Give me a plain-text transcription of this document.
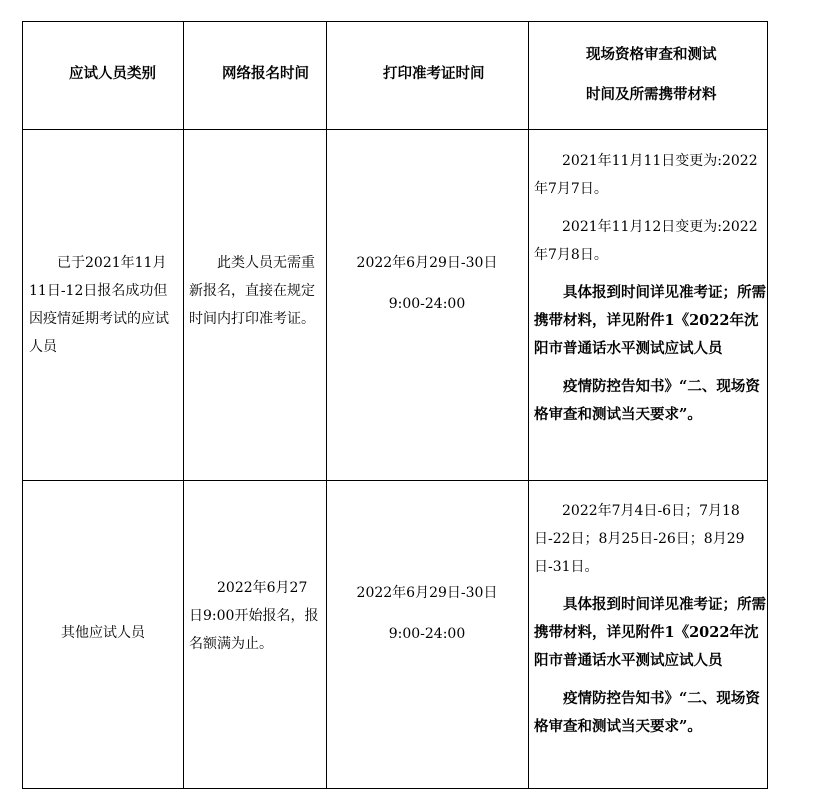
应试人员类别	网络报名时间	打印准考证时间
现场资格审查和测试
时间及所需携带材料
已于2021年11月11日-12日报名成功但因疫情延期考试的应试人员
此类人员无需重新报名，直接在规定时间内打印准考证。
2022年6月29日-30日
9:00-24:00

2021年11月11日变更为:2022年7月7日。

2021年11月12日变更为:2022年7月8日。

具体报到时间详见准考证；所需携带材料，详见附件1《2022年沈阳市普通话水平测试应试人员

疫情防控告知书》“二、现场资格审查和测试当天要求”。

其他应试人员
2022年6月27日9:00开始报名，报名额满为止。
2022年6月29日-30日
9:00-24:00

2022年7月4日-6日；7月18日-22日；8月25日-26日；8月29日-31日。

具体报到时间详见准考证；所需携带材料，详见附件1《2022年沈阳市普通话水平测试应试人员

疫情防控告知书》“二、现场资格审查和测试当天要求”。
